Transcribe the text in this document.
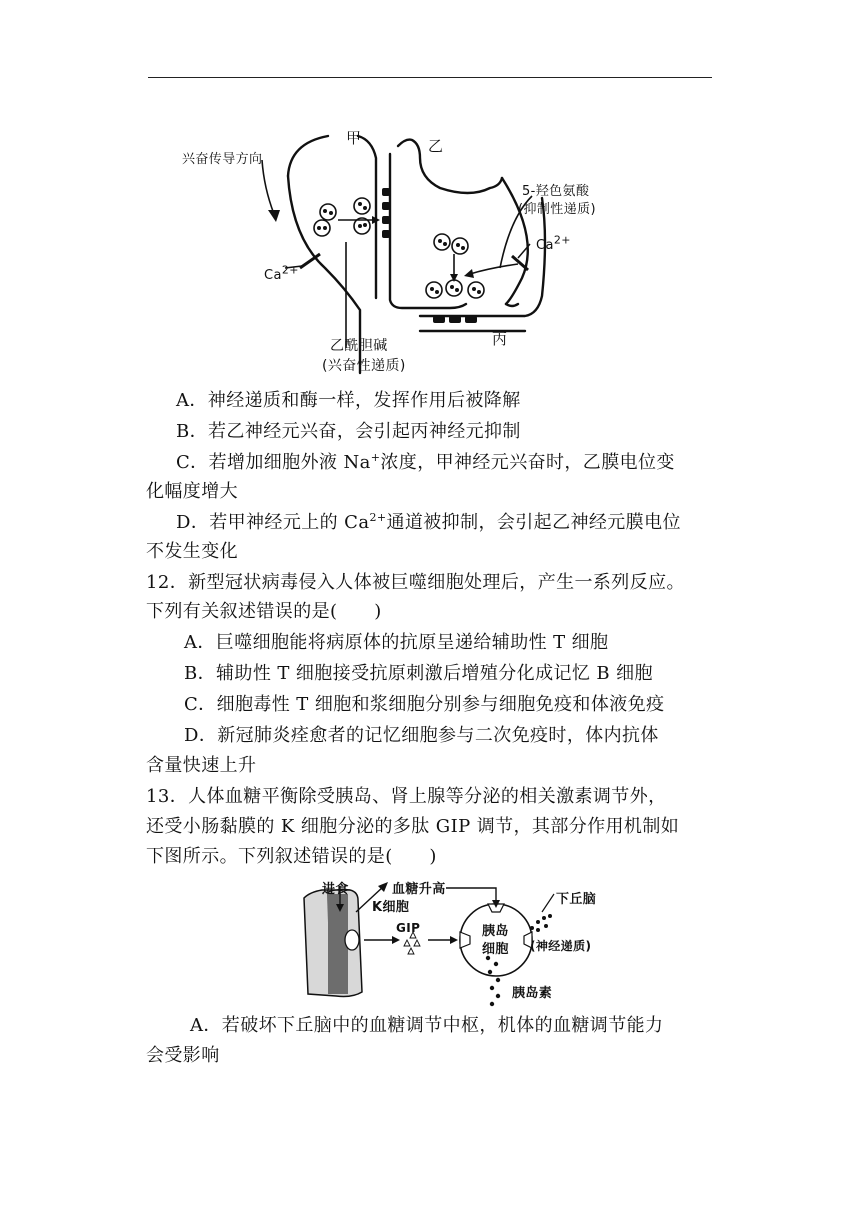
甲	乙
丙
兴奋传导方向
5-羟色氨酸
(抑制性递质)
乙酰胆碱
(兴奋性递质)
$Ca^{2+}$
$Ca^{2+}$
A．神经递质和酶一样，发挥作用后被降解
B．若乙神经元兴奋，会引起丙神经元抑制
C．若增加细胞外液 Na+浓度，甲神经元兴奋时，乙膜电位变
化幅度增大
D．若甲神经元上的 $Ca^{2+}$通道被抑制，会引起乙神经元膜电位
不发生变化
12．新型冠状病毒侵入人体被巨噬细胞处理后，产生一系列反应。
下列有关叙述错误的是(　　)
A．巨噬细胞能将病原体的抗原呈递给辅助性 T 细胞
B．辅助性 T 细胞接受抗原刺激后增殖分化成记忆 B 细胞
C．细胞毒性 T 细胞和浆细胞分别参与细胞免疫和体液免疫
D．新冠肺炎痊愈者的记忆细胞参与二次免疫时，体内抗体
含量快速上升
13．人体血糖平衡除受胰岛、肾上腺等分泌的相关激素调节外，
还受小肠黏膜的 K 细胞分泌的多肽 GIP 调节，其部分作用机制如
下图所示。下列叙述错误的是(　　)
进食	血糖升高
K细胞
GIP	胰岛
细胞
下丘脑
(神经递质)
胰岛素
A．若破坏下丘脑中的血糖调节中枢，机体的血糖调节能力
会受影响
